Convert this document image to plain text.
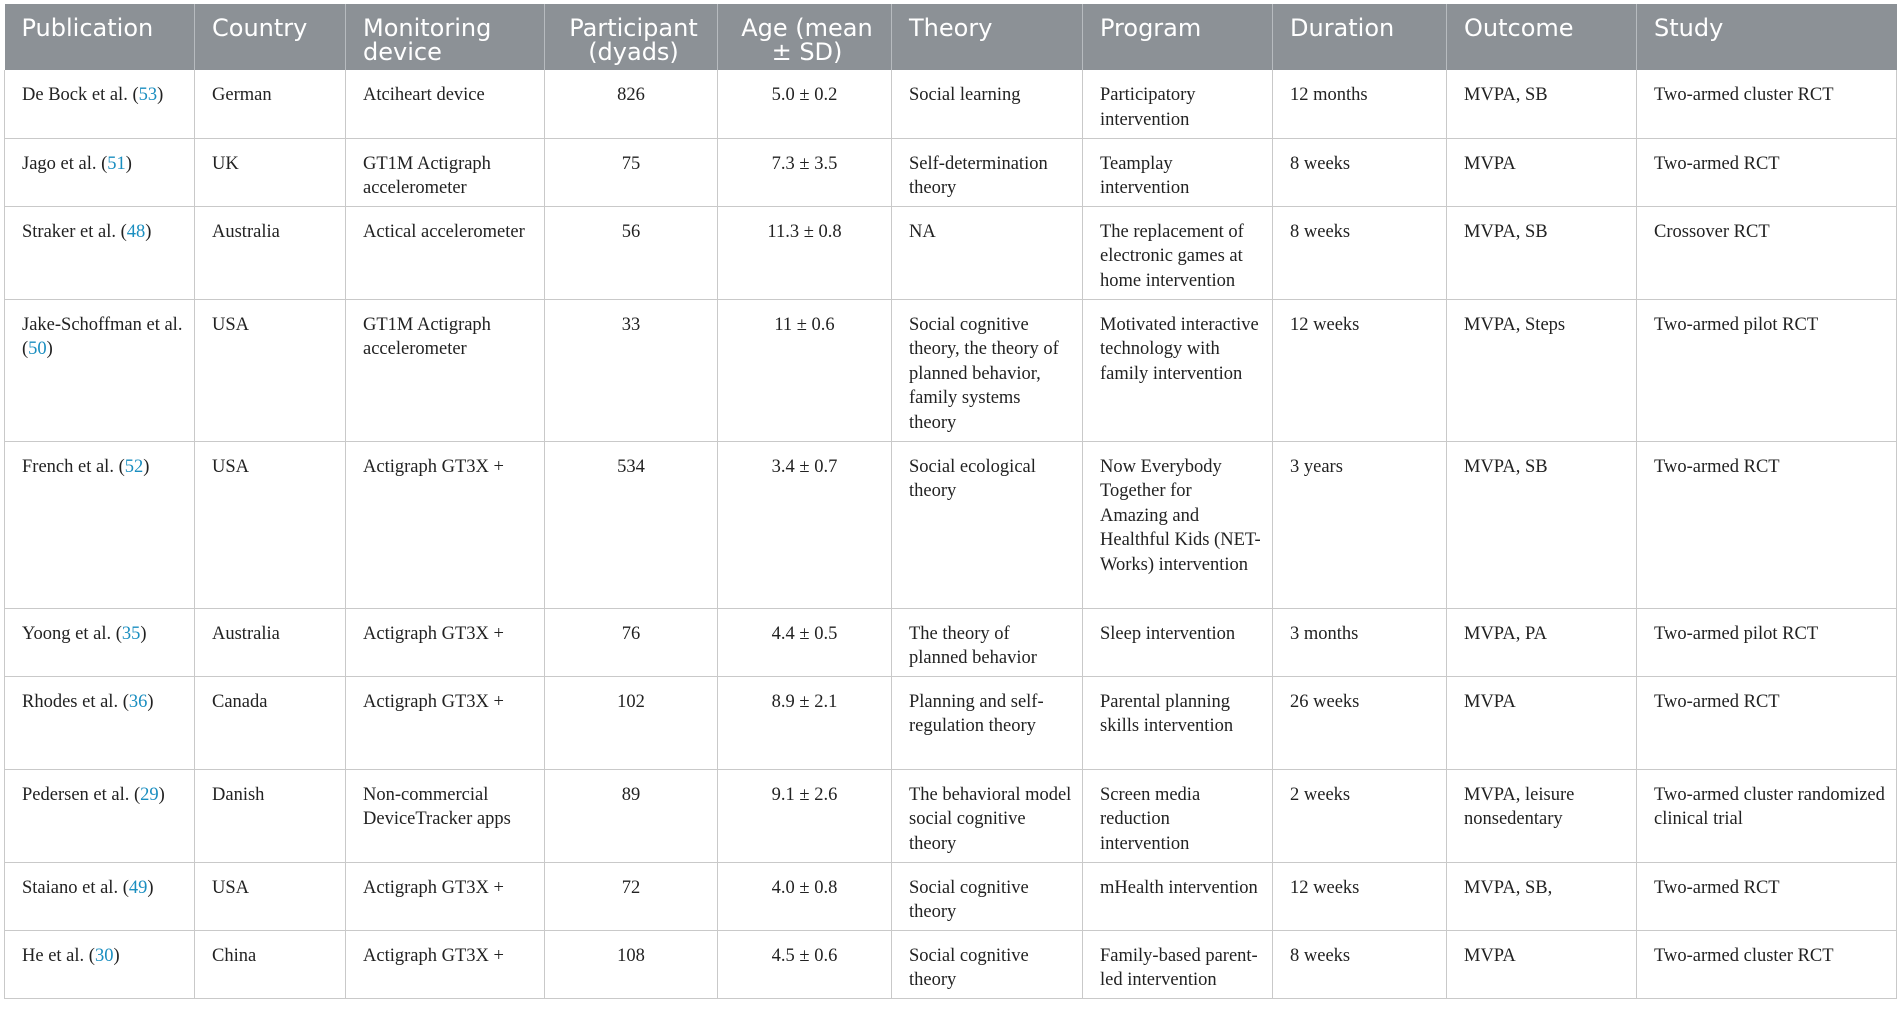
Publication	Country	Monitoring device	Participant (dyads)	Age (mean ± SD)	Theory	Program	Duration	Outcome	Study
De Bock et al. (53)	German	Atciheart device	826	5.0 ± 0.2	Social learning	Participatory intervention	12 months	MVPA, SB	Two-armed cluster RCT
Jago et al. (51)	UK	GT1M Actigraph accelerometer	75	7.3 ± 3.5	Self-determination theory	Teamplay intervention	8 weeks	MVPA	Two-armed RCT
Straker et al. (48)	Australia	Actical accelerometer	56	11.3 ± 0.8	NA	The replacement of electronic games at home intervention	8 weeks	MVPA, SB	Crossover RCT
Jake-Schoffman et al. (50)	USA	GT1M Actigraph accelerometer	33	11 ± 0.6	Social cognitive theory, the theory of planned behavior, family systems theory	Motivated interactive technology with family intervention	12 weeks	MVPA, Steps	Two-armed pilot RCT
French et al. (52)	USA	Actigraph GT3X +	534	3.4 ± 0.7	Social ecological theory	Now Everybody Together for Amazing and Healthful Kids (NET-Works) intervention	3 years	MVPA, SB	Two-armed RCT
Yoong et al. (35)	Australia	Actigraph GT3X +	76	4.4 ± 0.5	The theory of planned behavior	Sleep intervention	3 months	MVPA, PA	Two-armed pilot RCT
Rhodes et al. (36)	Canada	Actigraph GT3X +	102	8.9 ± 2.1	Planning and self-regulation theory	Parental planning skills intervention	26 weeks	MVPA	Two-armed RCT
Pedersen et al. (29)	Danish	Non-commercial DeviceTracker apps	89	9.1 ± 2.6	The behavioral model social cognitive theory	Screen media reduction intervention	2 weeks	MVPA, leisure nonsedentary	Two-armed cluster randomized clinical trial
Staiano et al. (49)	USA	Actigraph GT3X +	72	4.0 ± 0.8	Social cognitive theory	mHealth intervention	12 weeks	MVPA, SB,	Two-armed RCT
He et al. (30)	China	Actigraph GT3X +	108	4.5 ± 0.6	Social cognitive theory	Family-based parent-led intervention	8 weeks	MVPA	Two-armed cluster RCT
